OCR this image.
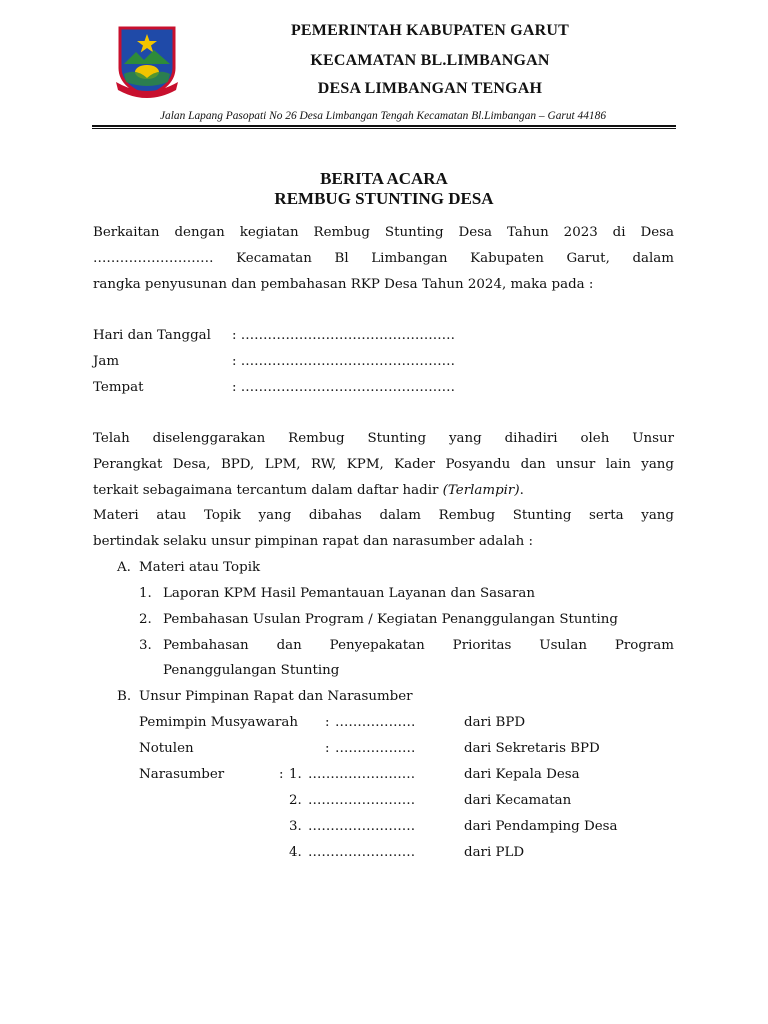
PEMERINTAH KABUPATEN GARUT
KECAMATAN BL.LIMBANGAN
DESA LIMBANGAN TENGAH
Jalan Lapang Pasopati No 26 Desa Limbangan Tengah Kecamatan Bl.Limbangan – Garut 44186
BERITA ACARA
REMBUG STUNTING DESA
Berkaitan dengan kegiatan Rembug Stunting Desa Tahun 2023 di Desa
……………………… Kecamatan Bl Limbangan Kabupaten Garut, dalam
rangka penyusunan dan pembahasan RKP Desa Tahun 2024, maka pada :
Hari dan Tanggal : …………………………………………
Jam	: …………………………………………
Tempat	: …………………………………………
Telah diselenggarakan Rembug Stunting yang dihadiri oleh Unsur
Perangkat Desa, BPD, LPM, RW, KPM, Kader Posyandu dan unsur lain yang
terkait sebagaimana tercantum dalam daftar hadir (Terlampir).
Materi atau Topik yang dibahas dalam Rembug Stunting serta yang
bertindak selaku unsur pimpinan rapat dan narasumber adalah :
A. Materi atau Topik
1. Laporan KPM Hasil Pemantauan Layanan dan Sasaran
2. Pembahasan Usulan Program / Kegiatan Penanggulangan Stunting
3. Pembahasan dan Penyepakatan Prioritas Usulan Program
Penanggulangan Stunting
B. Unsur Pimpinan Rapat dan Narasumber
Pemimpin Musyawarah : ………………	dari BPD
Notulen	: ………………	dari Sekretaris BPD
Narasumber	: 1. ……………………	dari Kepala Desa
2. ……………………	dari Kecamatan
3. ……………………	dari Pendamping Desa
4. ……………………	dari PLD
